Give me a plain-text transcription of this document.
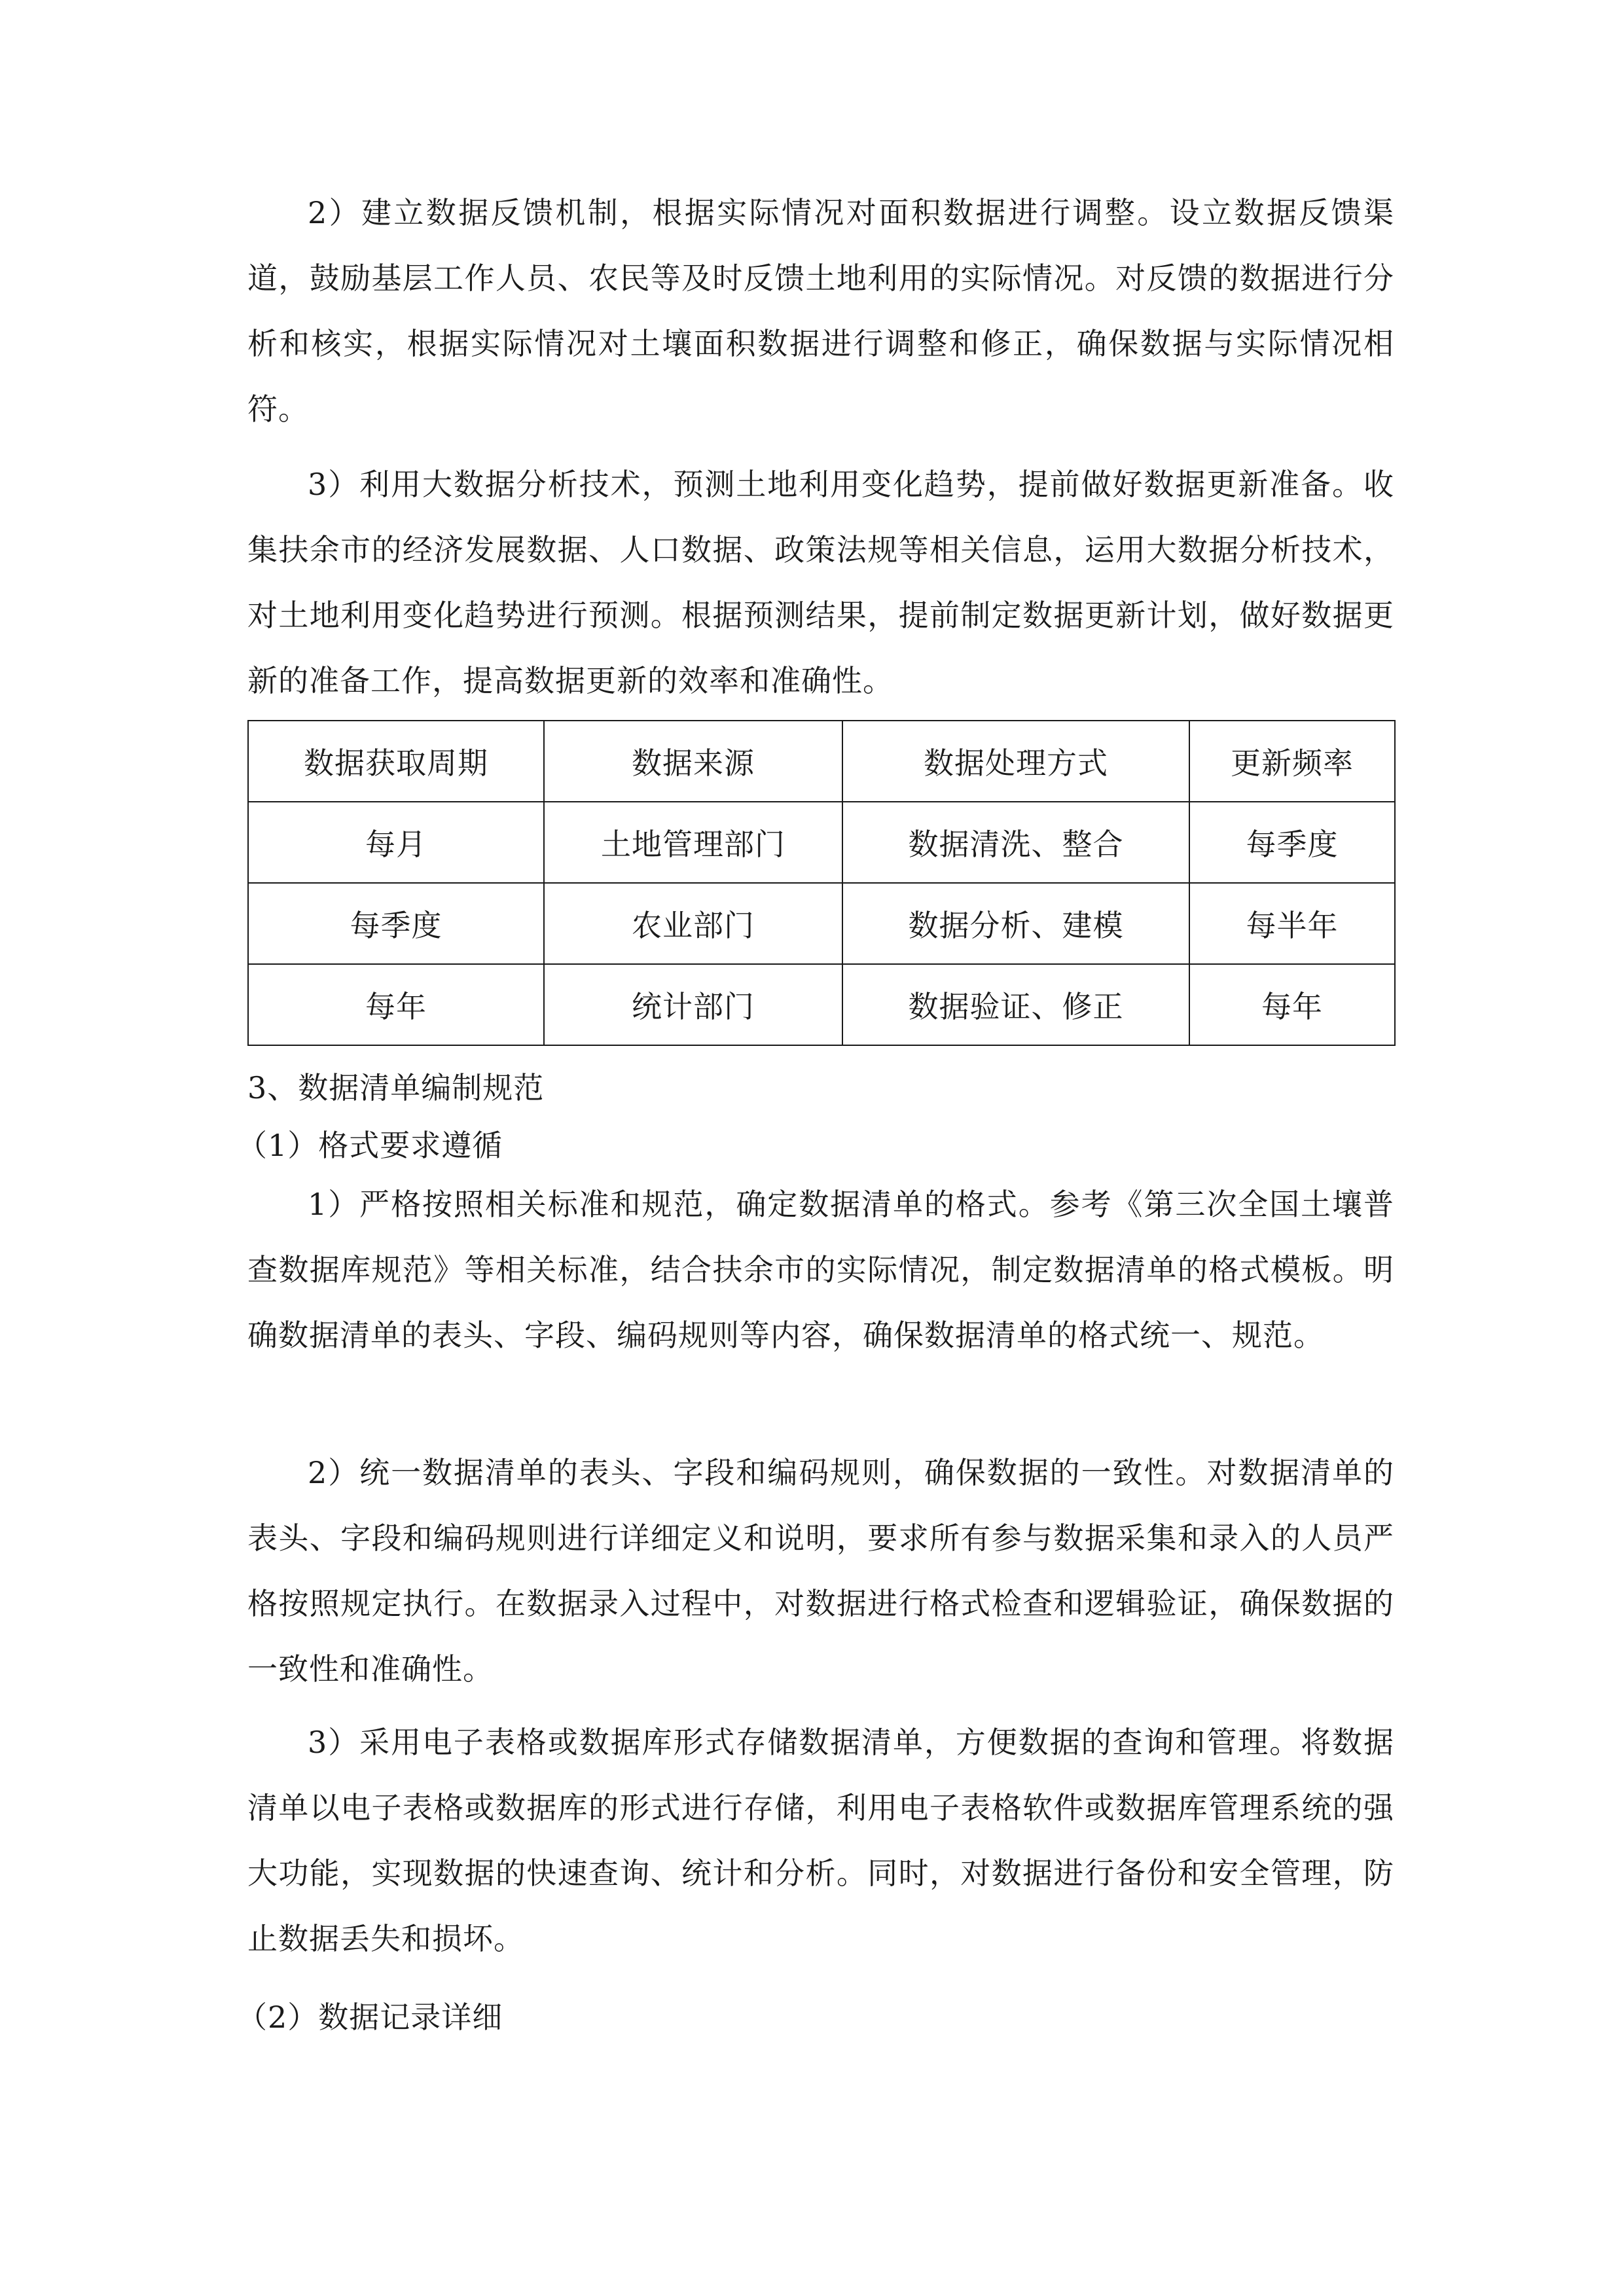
2）建立数据反馈机制，根据实际情况对面积数据进行调整。设立数据反馈渠道，鼓励基层工作人员、农民等及时反馈土地利用的实际情况。对反馈的数据进行分析和核实，根据实际情况对土壤面积数据进行调整和修正，确保数据与实际情况相符。

3）利用大数据分析技术，预测土地利用变化趋势，提前做好数据更新准备。收集扶余市的经济发展数据、人口数据、政策法规等相关信息，运用大数据分析技术，对土地利用变化趋势进行预测。根据预测结果，提前制定数据更新计划，做好数据更新的准备工作，提高数据更新的效率和准确性。

数据获取周期	数据来源	数据处理方式	更新频率
每月	土地管理部门	数据清洗、整合	每季度
每季度	农业部门	数据分析、建模	每半年
每年	统计部门	数据验证、修正	每年

3、数据清单编制规范

（1）格式要求遵循

1）严格按照相关标准和规范，确定数据清单的格式。参考《第三次全国土壤普查数据库规范》等相关标准，结合扶余市的实际情况，制定数据清单的格式模板。明确数据清单的表头、字段、编码规则等内容，确保数据清单的格式统一、规范。

2）统一数据清单的表头、字段和编码规则，确保数据的一致性。对数据清单的表头、字段和编码规则进行详细定义和说明，要求所有参与数据采集和录入的人员严格按照规定执行。在数据录入过程中，对数据进行格式检查和逻辑验证，确保数据的一致性和准确性。

3）采用电子表格或数据库形式存储数据清单，方便数据的查询和管理。将数据清单以电子表格或数据库的形式进行存储，利用电子表格软件或数据库管理系统的强大功能，实现数据的快速查询、统计和分析。同时，对数据进行备份和安全管理，防止数据丢失和损坏。

（2）数据记录详细
